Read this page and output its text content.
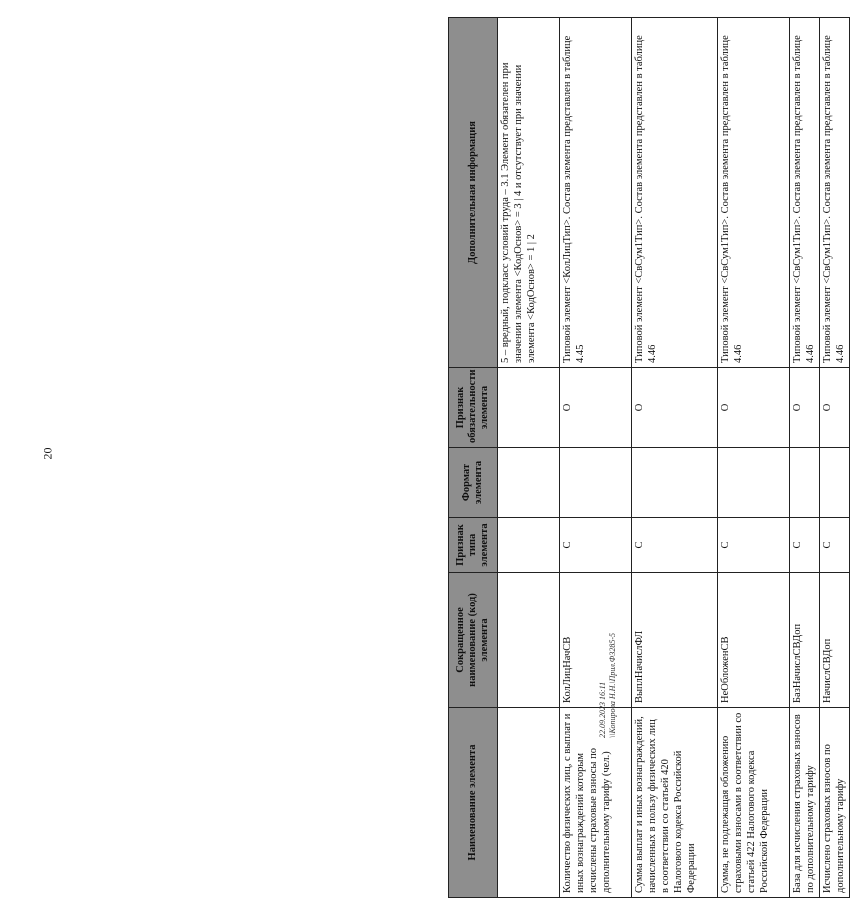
20
Наименование элемента	Сокращенное наименование (код) элемента	Признак типа элемента	Формат элемента	Признак обязательности элемента	Дополнительная информация
					5 – вредный, подкласс условий труда – 3.1 Элемент обязателен при значении элемента <КодОснов> = 3 | 4 и отсутствует при значении элемента <КодОснов> = 1 | 2
Количество физических лиц, с выплат и иных вознаграждений которым исчислены страховые взносы по дополнительному тарифу (чел.)	КолЛицНачСВ	С		О	Типовой элемент <КолЛицТип>. Состав элемента представлен в таблице 4.45
Сумма выплат и иных вознаграждений, начисленных в пользу физических лиц в соответствии со статьей 420 Налогового кодекса Российской Федерации	ВыплНачислФЛ	С		О	Типовой элемент <СвСум1Тип>. Состав элемента представлен в таблице 4.46
Сумма, не подлежащая обложению страховыми взносами в соответствии со статьей 422 Налогового кодекса Российской Федерации	НеОбложенСВ	С		О	Типовой элемент <СвСум1Тип>. Состав элемента представлен в таблице 4.46
База для исчисления страховых взносов по дополнительному тарифу	БазНачислСВДоп	С		О	Типовой элемент <СвСум1Тип>. Состав элемента представлен в таблице 4.46
Исчислено страховых взносов по дополнительному тарифу	НачислСВДоп	С		О	Типовой элемент <СвСум1Тип>. Состав элемента представлен в таблице 4.46
22.09.2023 16:11 \\Копирова Н.Н.\Прил.Ф3285-5
